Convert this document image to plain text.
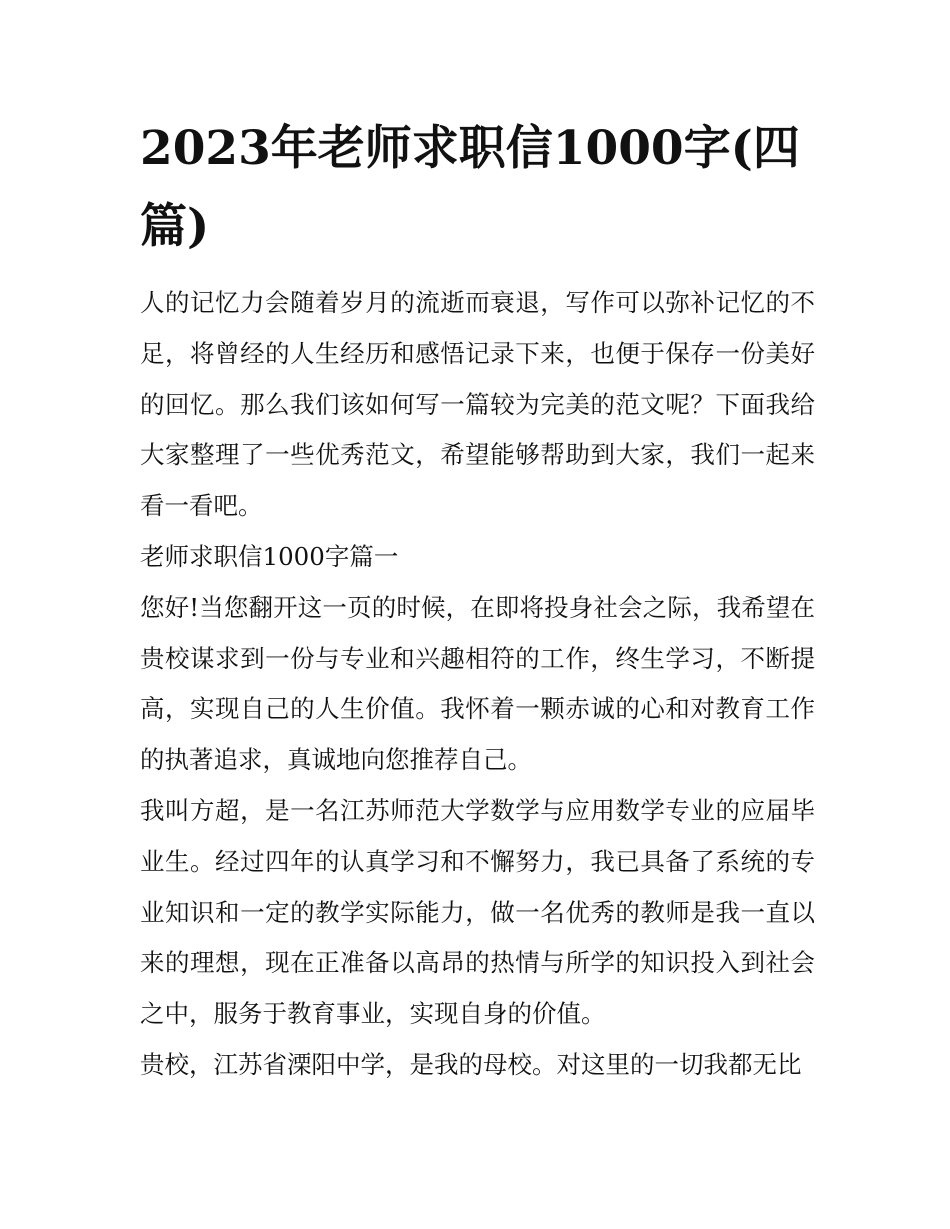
2023年老师求职信1000字(四篇)

人的记忆力会随着岁月的流逝而衰退，写作可以弥补记忆的不足，将曾经的人生经历和感悟记录下来，也便于保存一份美好的回忆。那么我们该如何写一篇较为完美的范文呢？下面我给大家整理了一些优秀范文，希望能够帮助到大家，我们一起来看一看吧。

老师求职信1000字篇一

您好!当您翻开这一页的时候，在即将投身社会之际，我希望在贵校谋求到一份与专业和兴趣相符的工作，终生学习，不断提高，实现自己的人生价值。我怀着一颗赤诚的心和对教育工作的执著追求，真诚地向您推荐自己。

我叫方超，是一名江苏师范大学数学与应用数学专业的应届毕业生。经过四年的认真学习和不懈努力，我已具备了系统的专业知识和一定的教学实际能力，做一名优秀的教师是我一直以来的理想，现在正准备以高昂的热情与所学的知识投入到社会之中，服务于教育事业，实现自身的价值。

贵校，江苏省溧阳中学，是我的母校。对这里的一切我都无比
